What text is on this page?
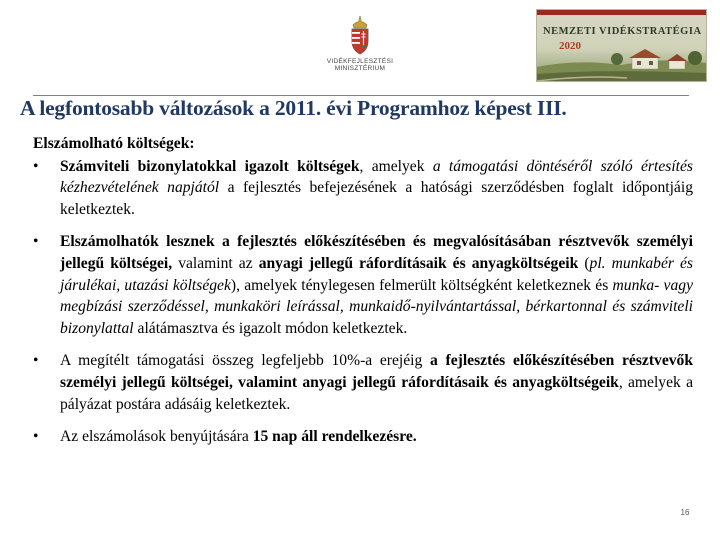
VIDÉKFEJLESZTÉSI
MINISZTÉRIUM
NEMZETI VIDÉKSTRATÉGIA
2020
A legfontosabb változások a 2011. évi Programhoz képest III.
Elszámolható költségek:
•	Számviteli bizonylatokkal igazolt költségek, amelyek a támogatási döntéséről szóló értesítés kézhezvételének napjától a fejlesztés befejezésének a hatósági szerződésben foglalt időpontjáig keletkeztek.
•	Elszámolhatók lesznek a fejlesztés előkészítésében és megvalósításában résztvevők személyi jellegű költségei, valamint az anyagi jellegű ráfordításaik és anyagköltségeik (pl. munkabér és járulékai, utazási költségek), amelyek ténylegesen felmerült költségként keletkeznek és munka- vagy megbízási szerződéssel, munkaköri leírással, munkaidő-nyilvántartással, bérkartonnal és számviteli bizonylattal alátámasztva és igazolt módon keletkeztek.
•	A megítélt támogatási összeg legfeljebb 10%-a erejéig a fejlesztés előkészítésében résztvevők személyi jellegű költségei, valamint anyagi jellegű ráfordításaik és anyagköltségeik, amelyek a pályázat postára adásáig keletkeztek.
•	Az elszámolások benyújtására 15 nap áll rendelkezésre.
16
